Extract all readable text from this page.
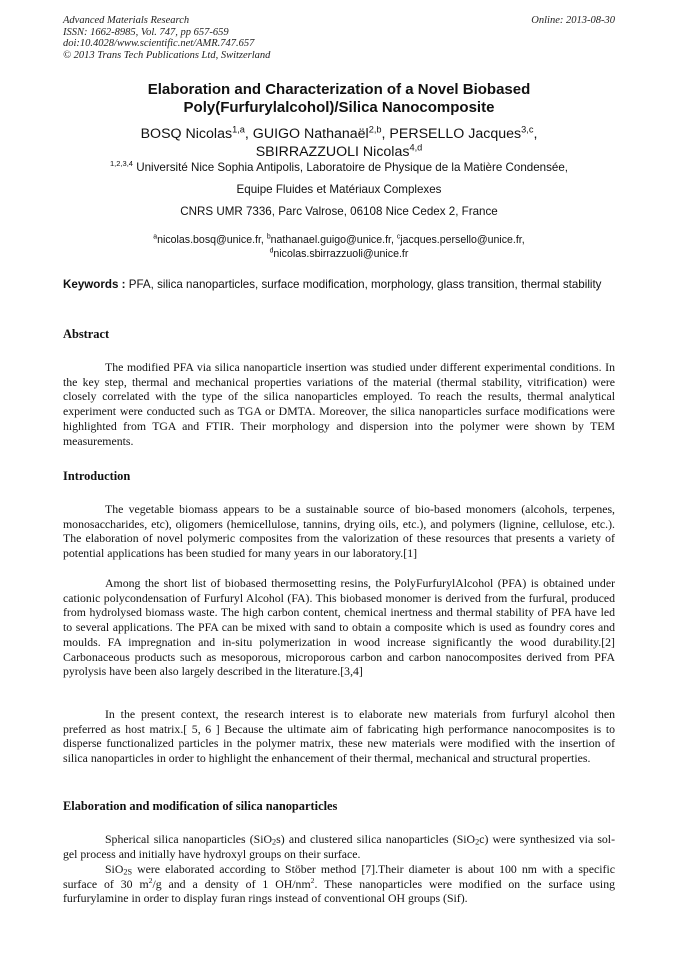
Advanced Materials Research
ISSN: 1662-8985, Vol. 747, pp 657-659
doi:10.4028/www.scientific.net/AMR.747.657
© 2013 Trans Tech Publications Ltd, Switzerland
Online: 2013-08-30
Elaboration and Characterization of a Novel Biobased
Poly(Furfurylalcohol)/Silica Nanocomposite
BOSQ Nicolas$^{1,a}$, GUIGO Nathanaël$^{2,b}$, PERSELLO Jacques$^{3,c}$,
SBIRRAZZUOLI Nicolas$^{4,d}$
$^{1,2,3,4}$ Université Nice Sophia Antipolis, Laboratoire de Physique de la Matière Condensée,
Equipe Fluides et Matériaux Complexes
CNRS UMR 7336, Parc Valrose, 06108 Nice Cedex 2, France
$^a$nicolas.bosq@unice.fr, $^b$nathanael.guigo@unice.fr, $^c$jacques.persello@unice.fr,
$^d$nicolas.sbirrazzuoli@unice.fr
Keywords : PFA, silica nanoparticles, surface modification, morphology, glass transition, thermal stability
Abstract
The modified PFA via silica nanoparticle insertion was studied under different experimental conditions. In the key step, thermal and mechanical properties variations of the material (thermal stability, vitrification) were closely correlated with the type of the silica nanoparticles employed. To reach the results, thermal analytical experiment were conducted such as TGA or DMTA. Moreover, the silica nanoparticles surface modifications were highlighted from TGA and FTIR. Their morphology and dispersion into the polymer were shown by TEM measurements.
Introduction
The vegetable biomass appears to be a sustainable source of bio-based monomers (alcohols, terpenes, monosaccharides, etc), oligomers (hemicellulose, tannins, drying oils, etc.), and polymers (lignine, cellulose, etc.). The elaboration of novel polymeric composites from the valorization of these resources that presents a variety of potential applications has been studied for many years in our laboratory.[1]
Among the short list of biobased thermosetting resins, the PolyFurfurylAlcohol (PFA) is obtained under cationic polycondensation of Furfuryl Alcohol (FA). This biobased monomer is derived from the furfural, produced from hydrolysed biomass waste. The high carbon content, chemical inertness and thermal stability of PFA have led to several applications. The PFA can be mixed with sand to obtain a composite which is used as foundry cores and moulds. FA impregnation and in-situ polymerization in wood increase significantly the wood durability.[2] Carbonaceous products such as mesoporous, microporous carbon and carbon nanocomposites derived from PFA pyrolysis have been also largely described in the literature.[3,4]
In the present context, the research interest is to elaborate new materials from furfuryl alcohol then preferred as host matrix.[ 5, 6 ] Because the ultimate aim of fabricating high performance nanocomposites is to disperse functionalized particles in the polymer matrix, these new materials were modified with the insertion of silica nanoparticles in order to highlight the enhancement of their thermal, mechanical and structural properties.
Elaboration and modification of silica nanoparticles
Spherical silica nanoparticles (SiO$_2$s) and clustered silica nanoparticles (SiO$_2$c) were synthesized via sol-gel process and initially have hydroxyl groups on their surface.
SiO$_{2S}$ were elaborated according to Stöber method [7].Their diameter is about 100 nm with a specific surface of 30 $m^2/g$ and a density of 1 $OH/nm^2$. These nanoparticles were modified on the surface using furfurylamine in order to display furan rings instead of conventional OH groups (Sif).
